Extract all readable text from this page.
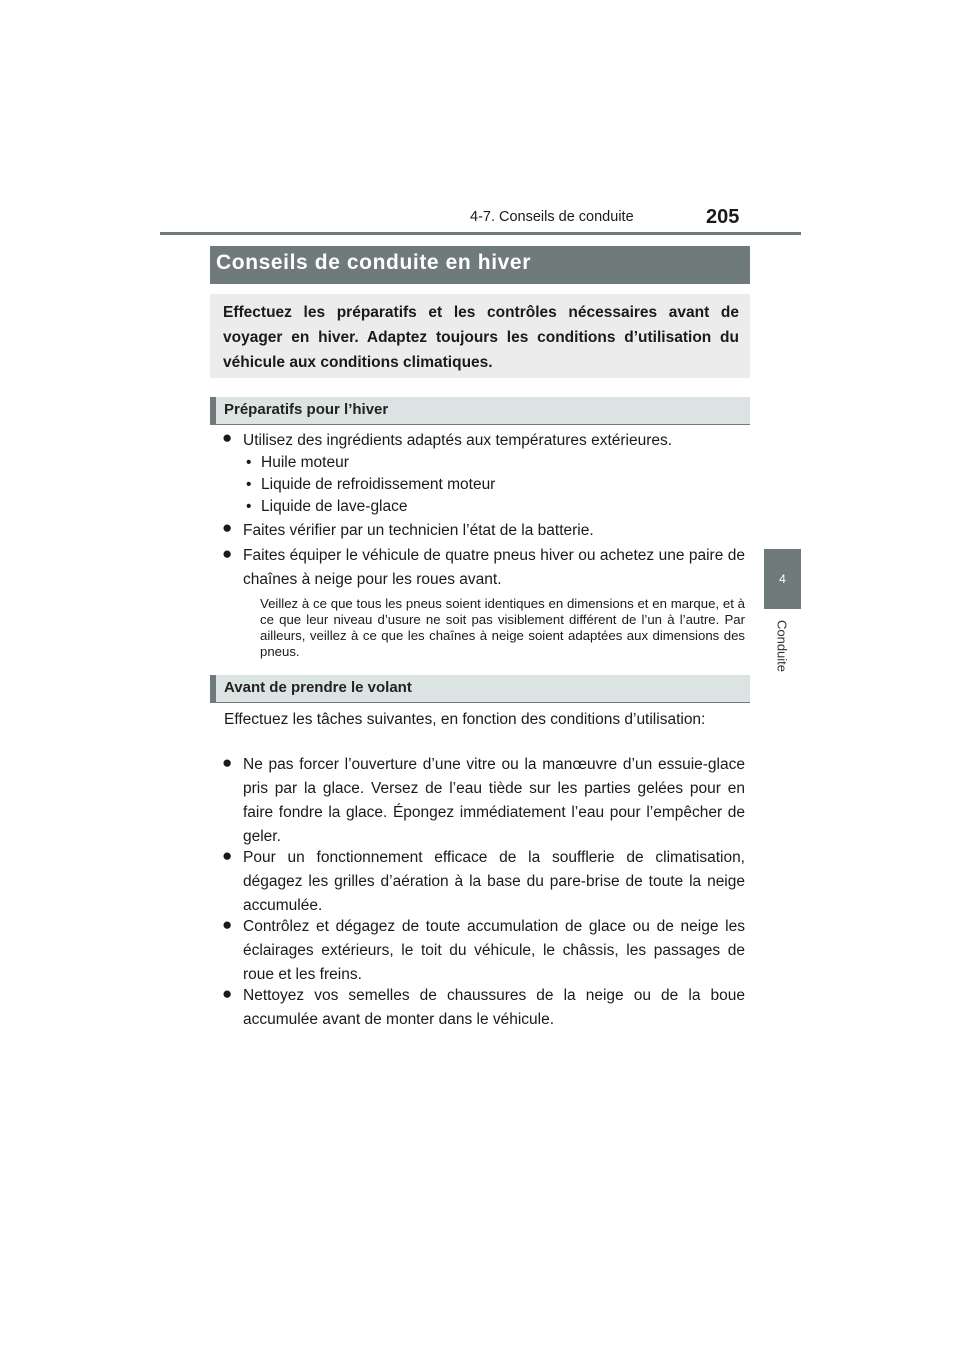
4-7. Conseils de conduite	205
4
Conduite
Conseils de conduite en hiver
Effectuez les préparatifs et les contrôles nécessaires avant de voyager en hiver. Adaptez toujours les conditions d’utilisation du véhicule aux conditions climatiques.
Préparatifs pour l’hiver
● Utilisez des ingrédients adaptés aux températures extérieures.
• Huile moteur
• Liquide de refroidissement moteur
• Liquide de lave-glace
● Faites vérifier par un technicien l’état de la batterie.
● Faites équiper le véhicule de quatre pneus hiver ou achetez une paire de chaînes à neige pour les roues avant.
Veillez à ce que tous les pneus soient identiques en dimensions et en marque, et à ce que leur niveau d’usure ne soit pas visiblement différent de l’un à l’autre. Par ailleurs, veillez à ce que les chaînes à neige soient adaptées aux dimensions des pneus.
Avant de prendre le volant
Effectuez les tâches suivantes, en fonction des conditions d’utilisation:
● Ne pas forcer l’ouverture d’une vitre ou la manœuvre d’un essuie-glace pris par la glace. Versez de l’eau tiède sur les parties gelées pour en faire fondre la glace. Épongez immédiatement l’eau pour l’empêcher de geler.
● Pour un fonctionnement efficace de la soufflerie de climatisation, dégagez les grilles d’aération à la base du pare-brise de toute la neige accumulée.
● Contrôlez et dégagez de toute accumulation de glace ou de neige les éclairages extérieurs, le toit du véhicule, le châssis, les passages de roue et les freins.
● Nettoyez vos semelles de chaussures de la neige ou de la boue accumulée avant de monter dans le véhicule.
